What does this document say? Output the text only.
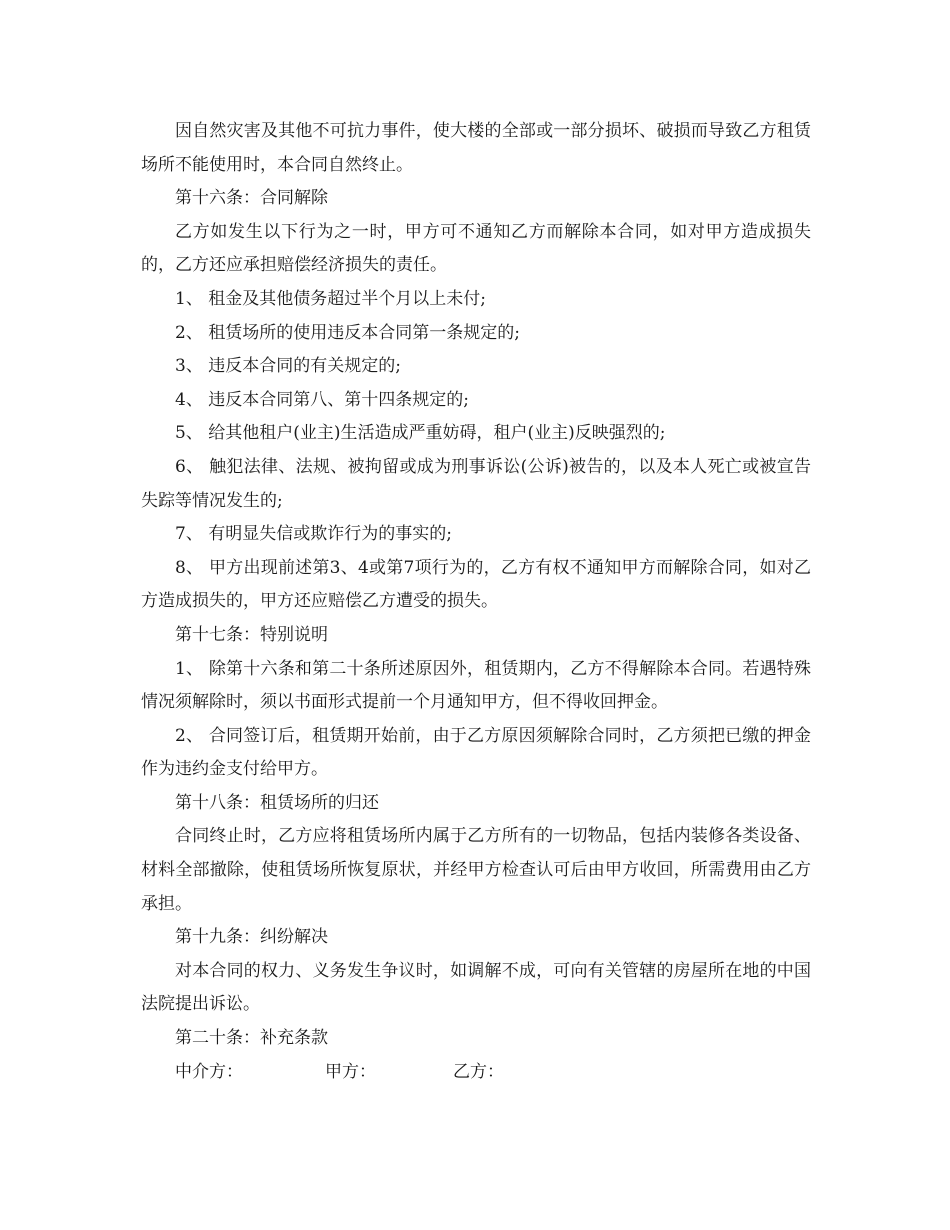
因自然灾害及其他不可抗力事件，使大楼的全部或一部分损坏、破损而导致乙方租赁场所不能使用时，本合同自然终止。

第十六条：合同解除

乙方如发生以下行为之一时，甲方可不通知乙方而解除本合同，如对甲方造成损失的，乙方还应承担赔偿经济损失的责任。

1、 租金及其他债务超过半个月以上未付;

2、 租赁场所的使用违反本合同第一条规定的;

3、 违反本合同的有关规定的;

4、 违反本合同第八、第十四条规定的;

5、 给其他租户(业主)生活造成严重妨碍，租户(业主)反映强烈的;

6、 触犯法律、法规、被拘留或成为刑事诉讼(公诉)被告的，以及本人死亡或被宣告失踪等情况发生的;

7、 有明显失信或欺诈行为的事实的;

8、 甲方出现前述第3、4或第7项行为的，乙方有权不通知甲方而解除合同，如对乙方造成损失的，甲方还应赔偿乙方遭受的损失。

第十七条：特别说明

1、 除第十六条和第二十条所述原因外，租赁期内，乙方不得解除本合同。若遇特殊情况须解除时，须以书面形式提前一个月通知甲方，但不得收回押金。

2、 合同签订后，租赁期开始前，由于乙方原因须解除合同时，乙方须把已缴的押金作为违约金支付给甲方。

第十八条：租赁场所的归还

合同终止时，乙方应将租赁场所内属于乙方所有的一切物品，包括内装修各类设备、材料全部撤除，使租赁场所恢复原状，并经甲方检查认可后由甲方收回，所需费用由乙方承担。

第十九条：纠纷解决

对本合同的权力、义务发生争议时，如调解不成，可向有关管辖的房屋所在地的中国法院提出诉讼。

第二十条：补充条款

中介方：	甲方：	乙方：
